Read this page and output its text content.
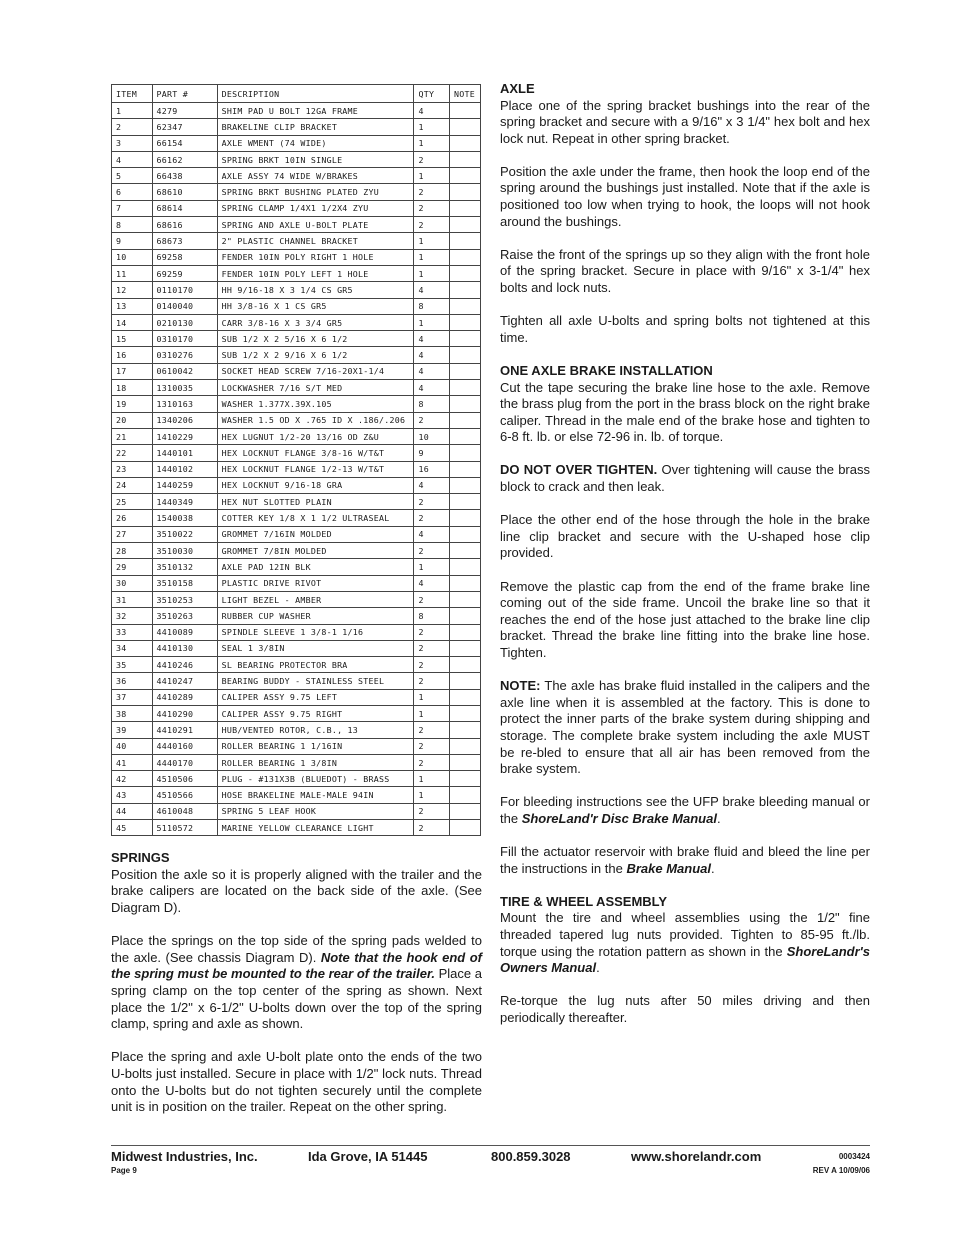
ITEM	PART #	DESCRIPTION	QTY	NOTE
1	4279	SHIM PAD U BOLT 12GA FRAME	4	
2	62347	BRAKELINE CLIP BRACKET	1	
3	66154	AXLE WMENT (74 WIDE)	1	
4	66162	SPRING BRKT 10IN SINGLE	2	
5	66438	AXLE ASSY 74 WIDE W/BRAKES	1	
6	68610	SPRING BRKT BUSHING PLATED ZYU	2	
7	68614	SPRING CLAMP 1/4X1 1/2X4 ZYU	2	
8	68616	SPRING AND AXLE U-BOLT PLATE	2	
9	68673	2" PLASTIC CHANNEL BRACKET	1	
10	69258	FENDER 10IN POLY RIGHT 1 HOLE	1	
11	69259	FENDER 10IN POLY LEFT 1 HOLE	1	
12	0110170	HH 9/16-18 X 3 1/4 CS GR5	4	
13	0140040	HH 3/8-16 X 1 CS GR5	8	
14	0210130	CARR 3/8-16 X 3 3/4 GR5	1	
15	0310170	SUB 1/2 X 2 5/16 X 6 1/2	4	
16	0310276	SUB 1/2 X 2 9/16 X 6 1/2	4	
17	0610042	SOCKET HEAD SCREW 7/16-20X1-1/4	4	
18	1310035	LOCKWASHER 7/16 S/T MED	4	
19	1310163	WASHER 1.377X.39X.105	8	
20	1340206	WASHER 1.5 OD X .765 ID X .186/.206	2	
21	1410229	HEX LUGNUT 1/2-20 13/16 OD Z&U	10	
22	1440101	HEX LOCKNUT FLANGE 3/8-16 W/T&T	9	
23	1440102	HEX LOCKNUT FLANGE 1/2-13 W/T&T	16	
24	1440259	HEX LOCKNUT 9/16-18 GRA	4	
25	1440349	HEX NUT SLOTTED PLAIN	2	
26	1540038	COTTER KEY 1/8 X 1 1/2 ULTRASEAL	2	
27	3510022	GROMMET 7/16IN MOLDED	4	
28	3510030	GROMMET 7/8IN MOLDED	2	
29	3510132	AXLE PAD 12IN BLK	1	
30	3510158	PLASTIC DRIVE RIVOT	4	
31	3510253	LIGHT BEZEL - AMBER	2	
32	3510263	RUBBER CUP WASHER	8	
33	4410089	SPINDLE SLEEVE 1 3/8-1 1/16	2	
34	4410130	SEAL 1 3/8IN	2	
35	4410246	SL BEARING PROTECTOR BRA	2	
36	4410247	BEARING BUDDY - STAINLESS STEEL	2	
37	4410289	CALIPER ASSY 9.75 LEFT	1	
38	4410290	CALIPER ASSY 9.75 RIGHT	1	
39	4410291	HUB/VENTED ROTOR, C.B., 13	2	
40	4440160	ROLLER BEARING 1 1/16IN	2	
41	4440170	ROLLER BEARING 1 3/8IN	2	
42	4510506	PLUG - #131X3B (BLUEDOT) - BRASS	1	
43	4510566	HOSE BRAKELINE MALE-MALE 94IN	1	
44	4610048	SPRING 5 LEAF HOOK	2	
45	5110572	MARINE YELLOW CLEARANCE LIGHT	2	
SPRINGS

Position the axle so it is properly aligned with the trailer and the brake calipers are located on the back side of the axle. (See Diagram D).

Place the springs on the top side of the spring pads welded to the axle. (See chassis Diagram D). Note that the hook end of the spring must be mounted to the rear of the trailer. Place a spring clamp on the top center of the spring as shown. Next place the 1/2" x 6-1/2" U-bolts down over the top of the spring clamp, spring and axle as shown.

Place the spring and axle U-bolt plate onto the ends of the two U-bolts just installed. Secure in place with 1/2" lock nuts. Thread onto the U-bolts but do not tighten securely until the complete unit is in position on the trailer. Repeat on the other spring.

AXLE

Place one of the spring bracket bushings into the rear of the spring bracket and secure with a 9/16" x 3 1/4" hex bolt and hex lock nut. Repeat in other spring bracket.

Position the axle under the frame, then hook the loop end of the spring around the bushings just installed. Note that if the axle is positioned too low when trying to hook, the loops will not hook around the bushings.

Raise the front of the springs up so they align with the front hole of the spring bracket. Secure in place with 9/16" x 3-1/4" hex bolts and lock nuts.

Tighten all axle U-bolts and spring bolts not tightened at this time.

ONE AXLE BRAKE INSTALLATION

Cut the tape securing the brake line hose to the axle. Remove the brass plug from the port in the brass block on the right brake caliper. Thread in the male end of the brake hose and tighten to 6-8 ft. lb. or else 72-96 in. lb. of torque.

DO NOT OVER TIGHTEN. Over tightening will cause the brass block to crack and then leak.

Place the other end of the hose through the hole in the brake line clip bracket and secure with the U-shaped hose clip provided.

Remove the plastic cap from the end of the frame brake line coming out of the side frame. Uncoil the brake line so that it reaches the end of the hose just attached to the brake line clip bracket. Thread the brake line fitting into the brake line hose. Tighten.

NOTE: The axle has brake fluid installed in the calipers and the axle line when it is assembled at the factory. This is done to protect the inner parts of the brake system during shipping and storage. The complete brake system including the axle MUST be re-bled to ensure that all air has been removed from the brake system.

For bleeding instructions see the UFP brake bleeding manual or the ShoreLand'r Disc Brake Manual.

Fill the actuator reservoir with brake fluid and bleed the line per the instructions in the Brake Manual.

TIRE & WHEEL ASSEMBLY

Mount the tire and wheel assemblies using the 1/2" fine threaded tapered lug nuts provided. Tighten to 85-95 ft./lb. torque using the rotation pattern as shown in the ShoreLandr's Owners Manual.

Re-torque the lug nuts after 50 miles driving and then periodically thereafter.

Midwest Industries, Inc.	Ida Grove, IA 51445	800.859.3028	www.shorelandr.com
Page 9
0003424
REV A 10/09/06
